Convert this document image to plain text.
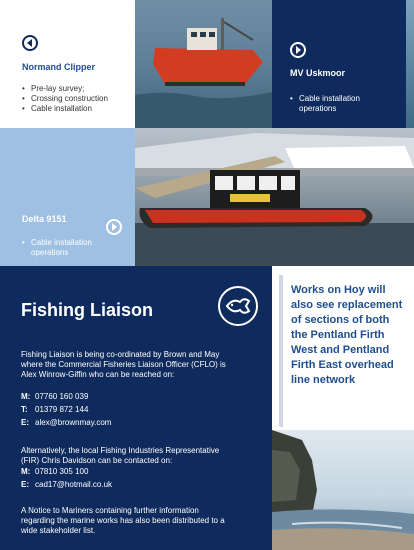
Normand Clipper
• Pre-lay survey;
• Crossing construction
• Cable installation
MV Uskmoor
• Cable installation operations
Delta 9151
• Cable installation operations
Fishing Liaison

Fishing Liaison is being co-ordinated by Brown and May where the Commercial Fisheries Liaison Officer (CFLO) is Alex Winrow-Giffin who can be reached on:

M: 07760 160 039

T: 01379 872 144

E: alex@brownmay.com

Alternatively, the local Fishing Industries Representative (FIR) Chris Davidson can be contacted on:

M: 07810 305 100

E: cad17@hotmail.co.uk

A Notice to Mariners containing further information regarding the marine works has also been distributed to a wide stakeholder list.

Works on Hoy will also see replacement of sections of both the Pentland Firth West and Pentland Firth East overhead line network
